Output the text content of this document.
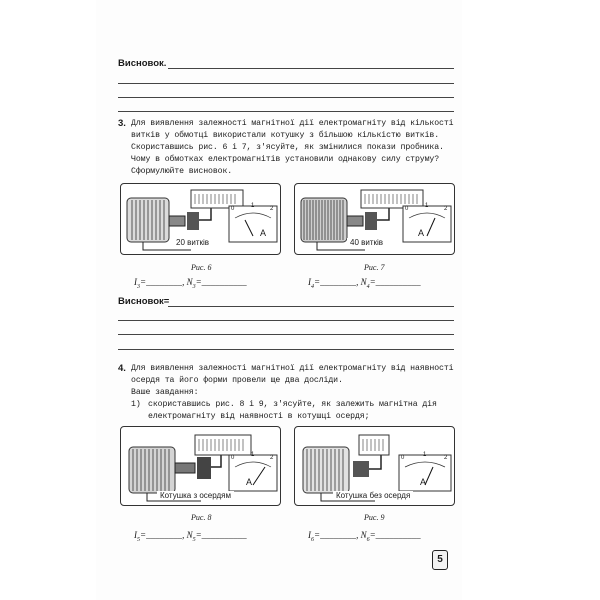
Висновок.
3. Для виявлення залежності магнітної дії електромагніту від кількості
витків у обмотці використали котушку з більшою кількістю витків.
Скориставшись рис. 6 і 7, з'ясуйте, як змінилися покази пробника.
Чому в обмотках електромагнітів установили однакову силу струму?
Сформулюйте висновок.
20 витків
0	1	2
A
Рис. 6
40 витків
0	1	2
A
Рис. 7
$I_3=\_\_\_\_\_\_\_\_$, $N_3=\_\_\_\_\_\_\_\_\_\_$	$I_4=\_\_\_\_\_\_\_\_$, $N_4=\_\_\_\_\_\_\_\_\_\_$
Висновок=
4. Для виявлення залежності магнітної дії електромагніту від наявності
осердя та його форми провели ще два досліди.
Ваше завдання:
1) скориставшись рис. 8 і 9, з'ясуйте, як залежить магнітна дія
електромагніту від наявності в котушці осердя;
Котушка з осердям
0	1	2
A
Рис. 8
Котушка без осердя
0	1	2
A
Рис. 9
$I_5=\_\_\_\_\_\_\_\_$, $N_5=\_\_\_\_\_\_\_\_\_\_$	$I_6=\_\_\_\_\_\_\_\_$, $N_6=\_\_\_\_\_\_\_\_\_\_$
5
